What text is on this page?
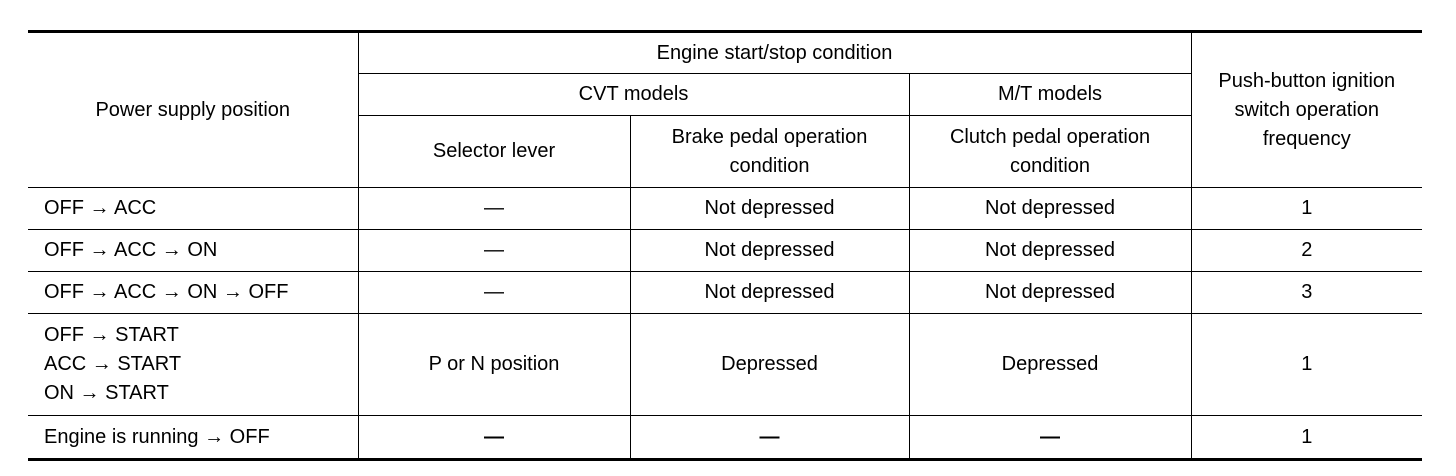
Power supply position	Engine start/stop condition			Push-button ignition switch operation frequency
	CVT models		M/T models	
	Selector lever	Brake pedal operation condition	Clutch pedal operation condition	

OFF → ACC	—	Not depressed	Not depressed	1

OFF → ACC → ON	—	Not depressed	Not depressed	2

OFF → ACC → ON → OFF	—	Not depressed	Not depressed	3

OFF → START
ACC → START
ON → START	P or N position	Depressed	Depressed	1

Engine is running → OFF	—	—	—	1
